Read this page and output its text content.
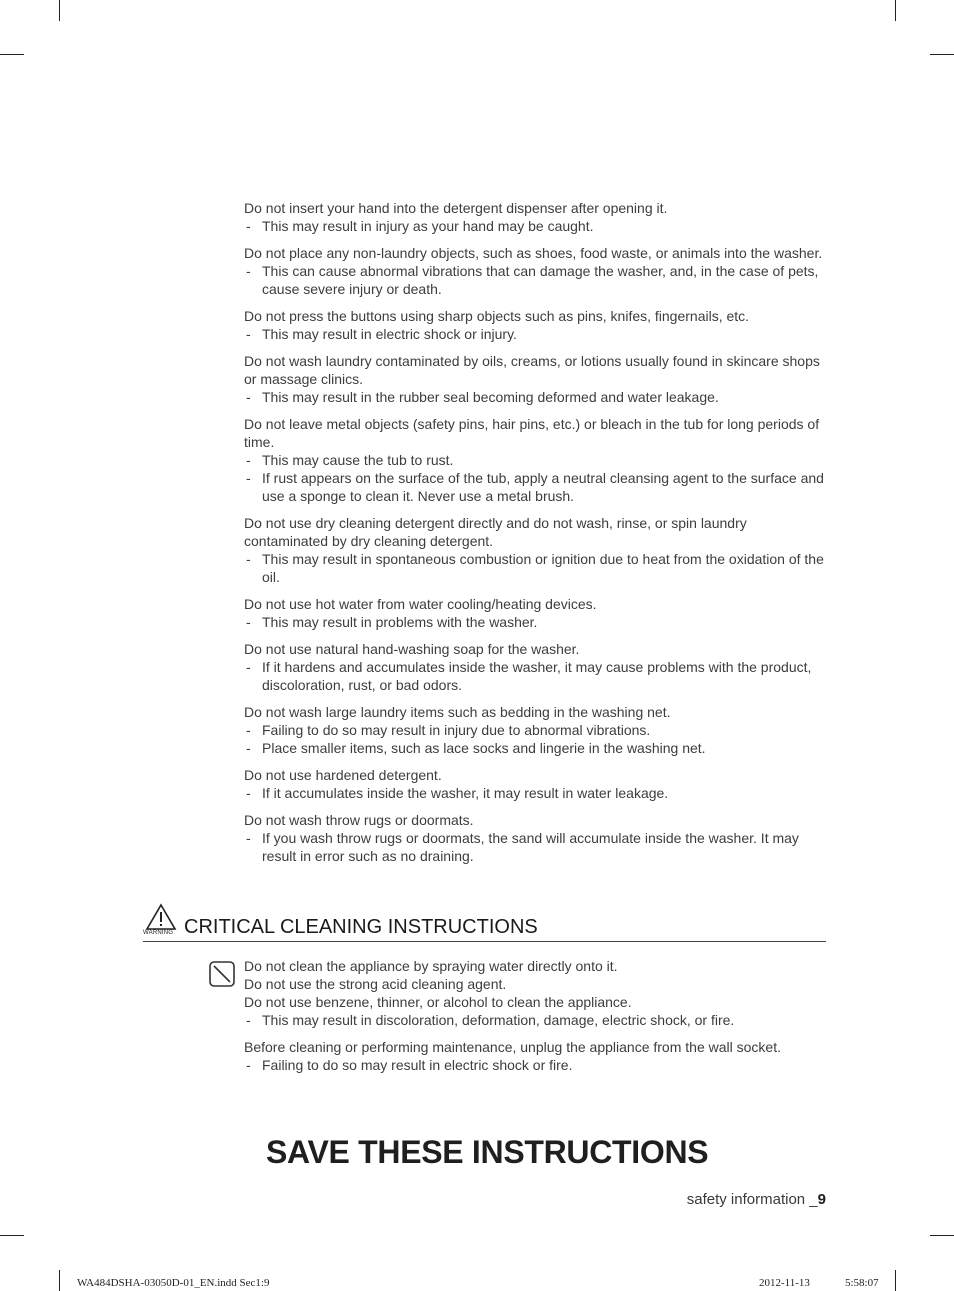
Do not insert your hand into the detergent dispenser after opening it.
- This may result in injury as your hand may be caught.
Do not place any non-laundry objects, such as shoes, food waste, or animals into the washer.
- This can cause abnormal vibrations that can damage the washer, and, in the case of pets, cause severe injury or death.
Do not press the buttons using sharp objects such as pins, knifes, fingernails, etc.
- This may result in electric shock or injury.
Do not wash laundry contaminated by oils, creams, or lotions usually found in skincare shops or massage clinics.
- This may result in the rubber seal becoming deformed and water leakage.
Do not leave metal objects (safety pins, hair pins, etc.) or bleach in the tub for long periods of time.
- This may cause the tub to rust.
- If rust appears on the surface of the tub, apply a neutral cleansing agent to the surface and use a sponge to clean it. Never use a metal brush.
Do not use dry cleaning detergent directly and do not wash, rinse, or spin laundry contaminated by dry cleaning detergent.
- This may result in spontaneous combustion or ignition due to heat from the oxidation of the oil.
Do not use hot water from water cooling/heating devices.
- This may result in problems with the washer.
Do not use natural hand-washing soap for the washer.
- If it hardens and accumulates inside the washer, it may cause problems with the product, discoloration, rust, or bad odors.
Do not wash large laundry items such as bedding in the washing net.
- Failing to do so may result in injury due to abnormal vibrations.
- Place smaller items, such as lace socks and lingerie in the washing net.
Do not use hardened detergent.
- If it accumulates inside the washer, it may result in water leakage.
Do not wash throw rugs or doormats.
- If you wash throw rugs or doormats, the sand will accumulate inside the washer. It may result in error such as no draining.
WARNING CRITICAL CLEANING INSTRUCTIONS
Do not clean the appliance by spraying water directly onto it.
Do not use the strong acid cleaning agent.
Do not use benzene, thinner, or alcohol to clean the appliance.
- This may result in discoloration, deformation, damage, electric shock, or fire.
Before cleaning or performing maintenance, unplug the appliance from the wall socket.
- Failing to do so may result in electric shock or fire.
SAVE THESE INSTRUCTIONS
safety information _9
WA484DSHA-03050D-01_EN.indd Sec1:9	2012-11-13	5:58:07
